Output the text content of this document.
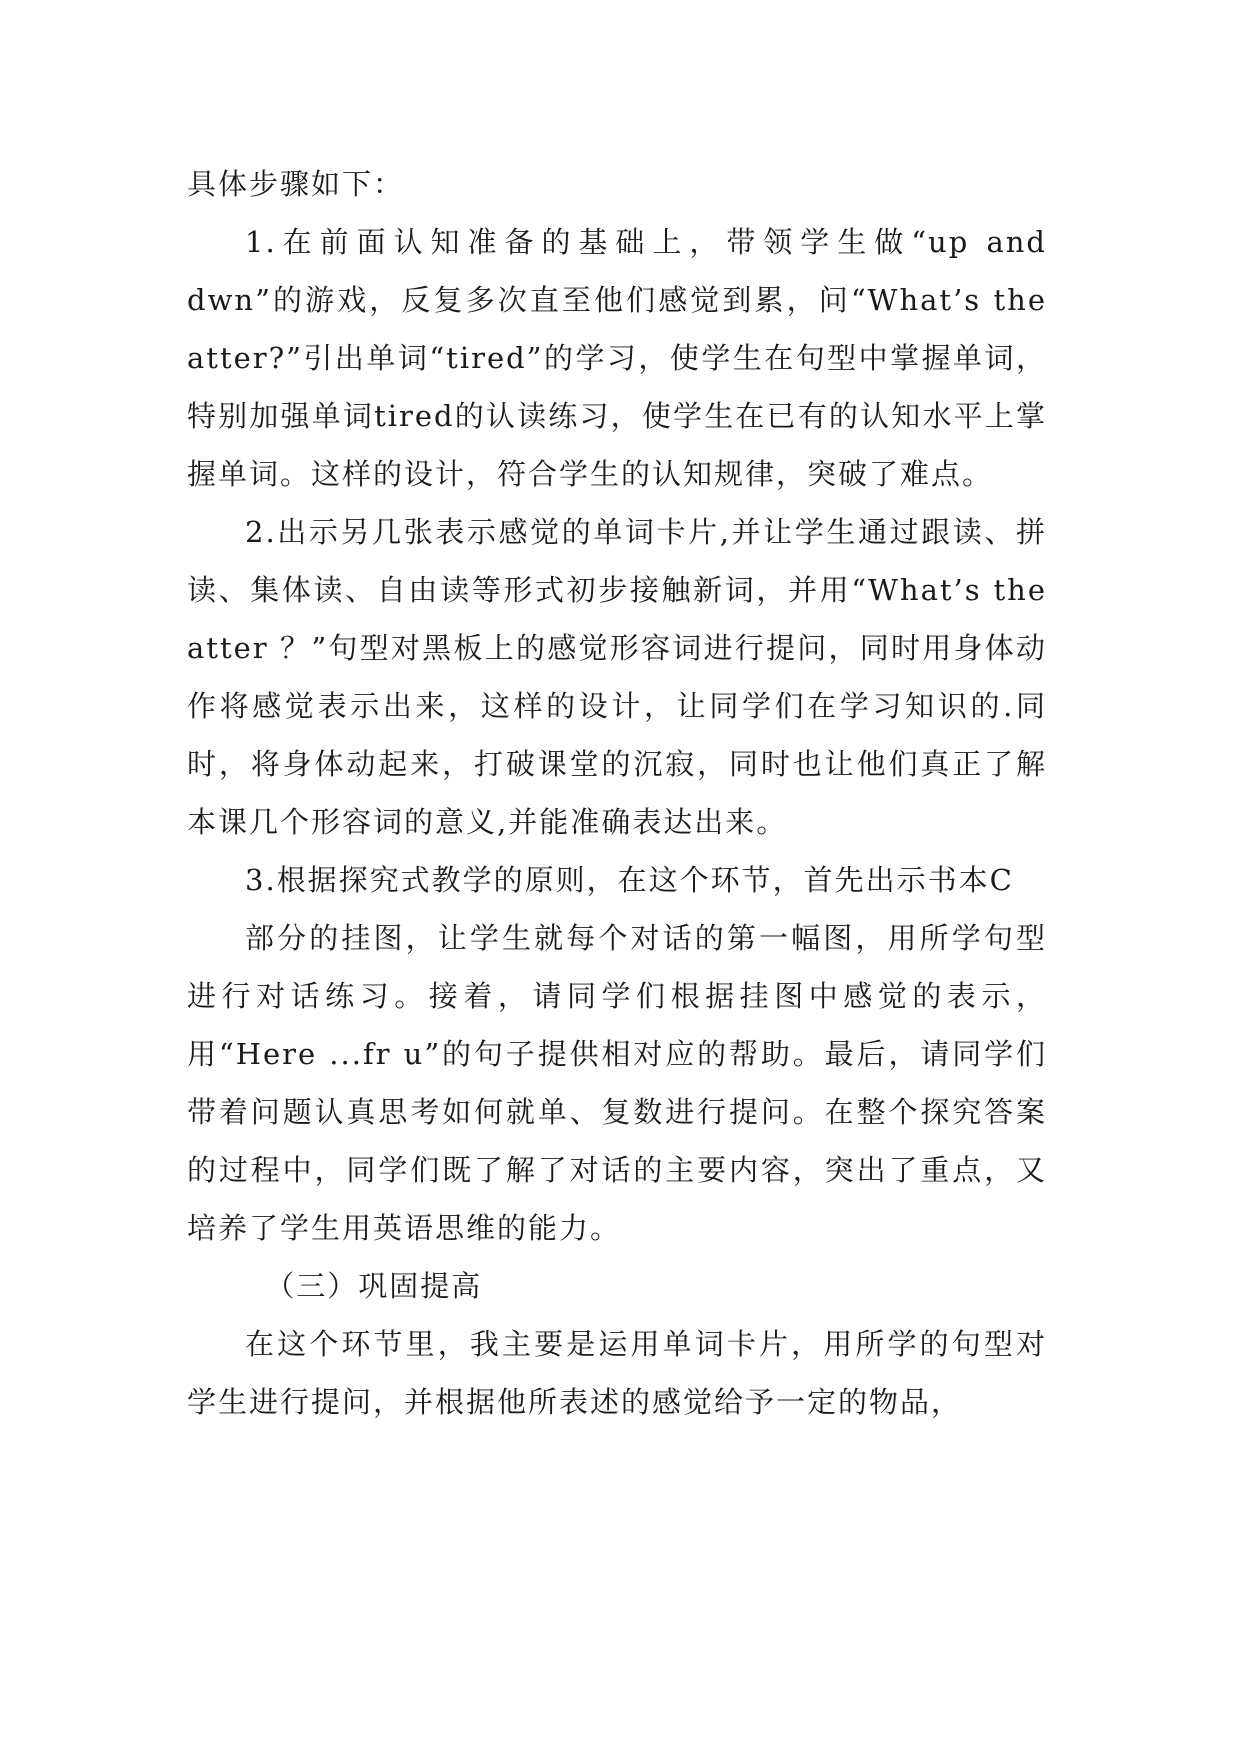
具体步骤如下：

1.在前面认知准备的基础上，带领学生做“up and dwn”的游戏，反复多次直至他们感觉到累，问“What’s the atter?”引出单词“tired”的学习，使学生在句型中掌握单词，特别加强单词tired的认读练习，使学生在已有的认知水平上掌握单词。这样的设计，符合学生的认知规律，突破了难点。

2.出示另几张表示感觉的单词卡片,并让学生通过跟读、拼读、集体读、自由读等形式初步接触新词，并用“What’s the atter ？”句型对黑板上的感觉形容词进行提问，同时用身体动作将感觉表示出来，这样的设计，让同学们在学习知识的.同时，将身体动起来，打破课堂的沉寂，同时也让他们真正了解本课几个形容词的意义,并能准确表达出来。

3.根据探究式教学的原则，在这个环节，首先出示书本C

部分的挂图，让学生就每个对话的第一幅图，用所学句型进行对话练习。接着，请同学们根据挂图中感觉的表示，用“Here ...fr u”的句子提供相对应的帮助。最后，请同学们带着问题认真思考如何就单、复数进行提问。在整个探究答案的过程中，同学们既了解了对话的主要内容，突出了重点，又培养了学生用英语思维的能力。

（三）巩固提高

在这个环节里，我主要是运用单词卡片，用所学的句型对学生进行提问，并根据他所表述的感觉给予一定的物品，
